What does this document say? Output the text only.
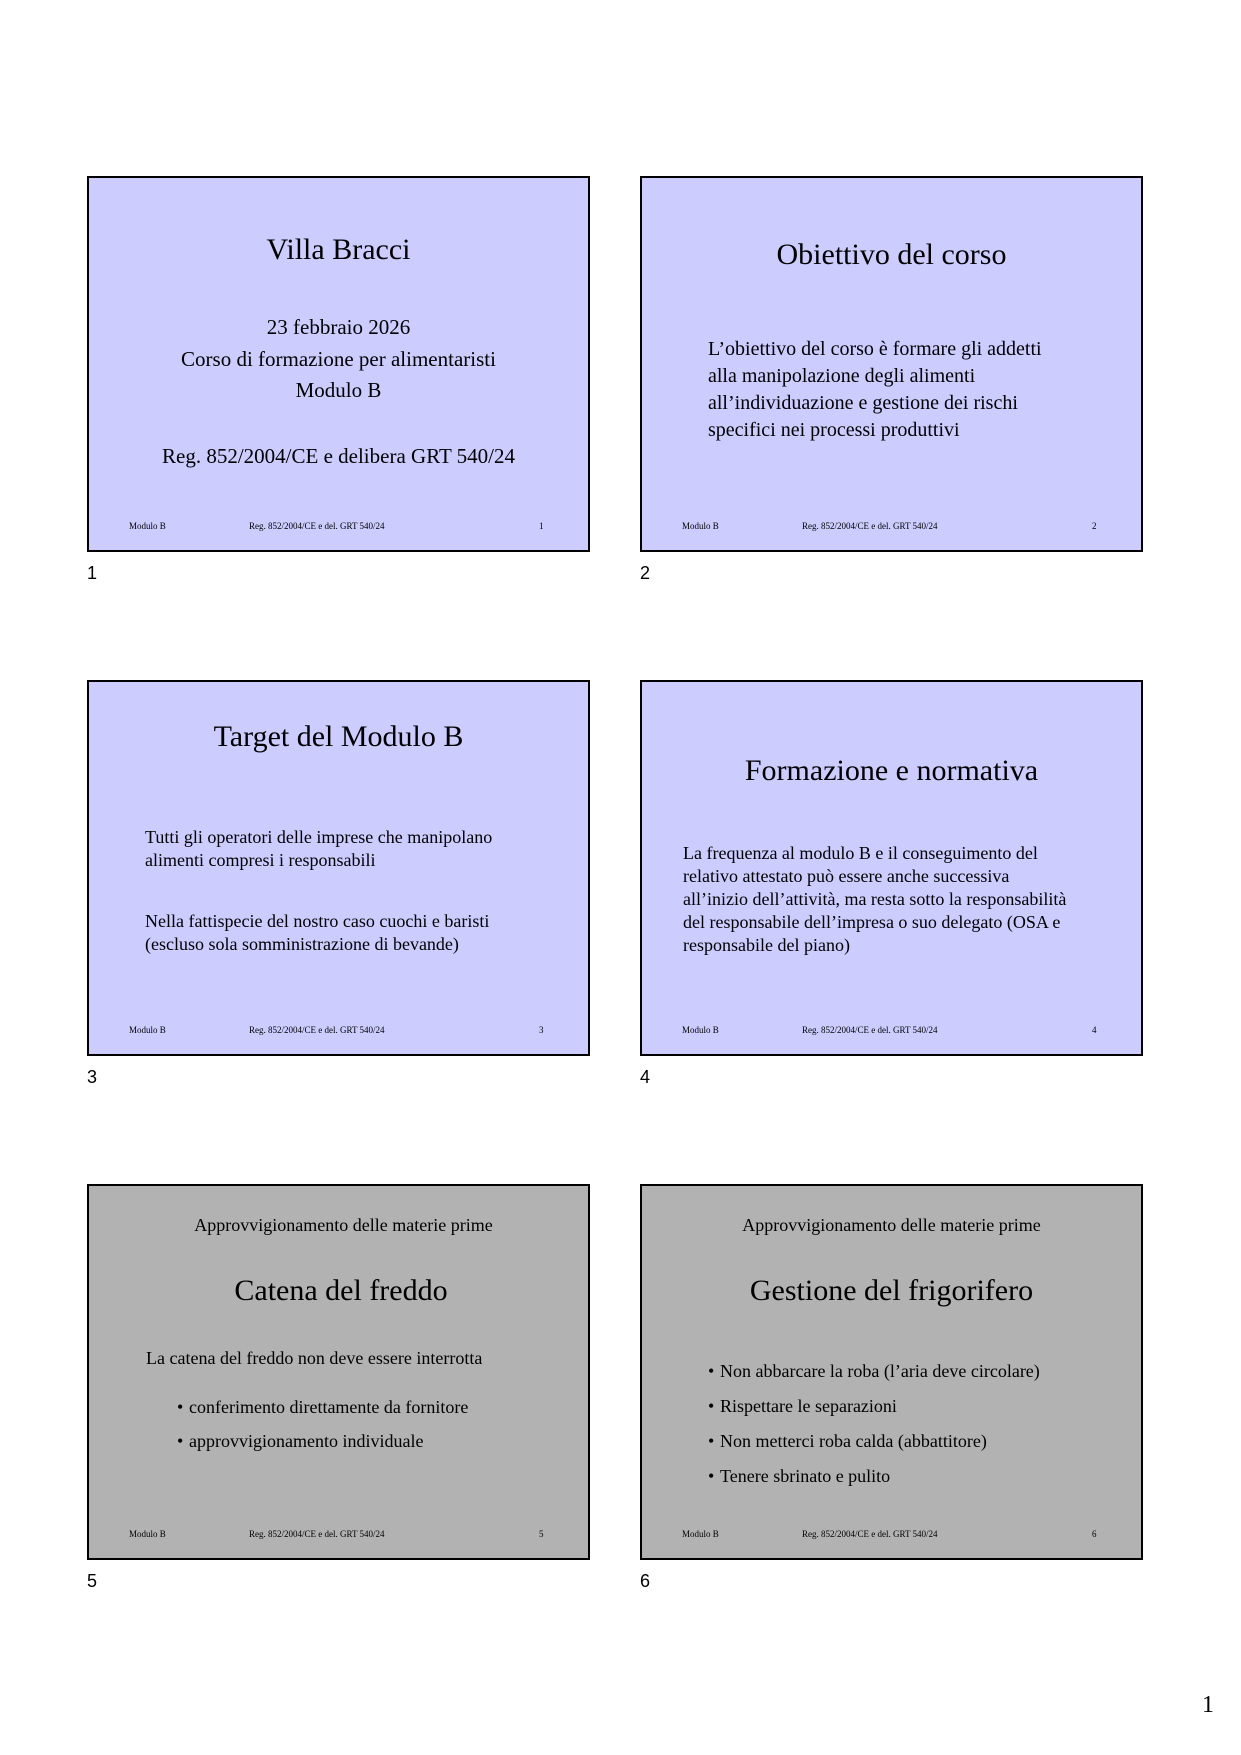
Villa Bracci
23 febbraio 2026
Corso di formazione per alimentaristi
Modulo B
Reg. 852/2004/CE e delibera GRT 540/24
Modulo B	Reg. 852/2004/CE e del. GRT 540/24	1
1
Obiettivo del corso

L’obiettivo del corso è formare gli addetti

alla manipolazione degli alimenti

all’individuazione e gestione dei rischi

specifici nei processi produttivi

Modulo B	Reg. 852/2004/CE e del. GRT 540/24	2
2
Target del Modulo B

Tutti gli operatori delle imprese che manipolano

alimenti compresi i responsabili

Nella fattispecie del nostro caso cuochi e baristi

(escluso sola somministrazione di bevande)

Modulo B	Reg. 852/2004/CE e del. GRT 540/24	3
3
Formazione e normativa

La frequenza al modulo B e il conseguimento del

relativo attestato può essere anche successiva

all’inizio dell’attività, ma resta sotto la responsabilità

del responsabile dell’impresa o suo delegato (OSA e

responsabile del piano)

Modulo B	Reg. 852/2004/CE e del. GRT 540/24	4
4
Approvvigionamento delle materie prime
Catena del freddo
La catena del freddo non deve essere interrotta
• conferimento direttamente da fornitore
• approvvigionamento individuale
Modulo B	Reg. 852/2004/CE e del. GRT 540/24	5
5
Approvvigionamento delle materie prime
Gestione del frigorifero
• Non abbarcare la roba (l’aria deve circolare)
• Rispettare le separazioni
• Non metterci roba calda (abbattitore)
• Tenere sbrinato e pulito
Modulo B	Reg. 852/2004/CE e del. GRT 540/24	6
6
1
